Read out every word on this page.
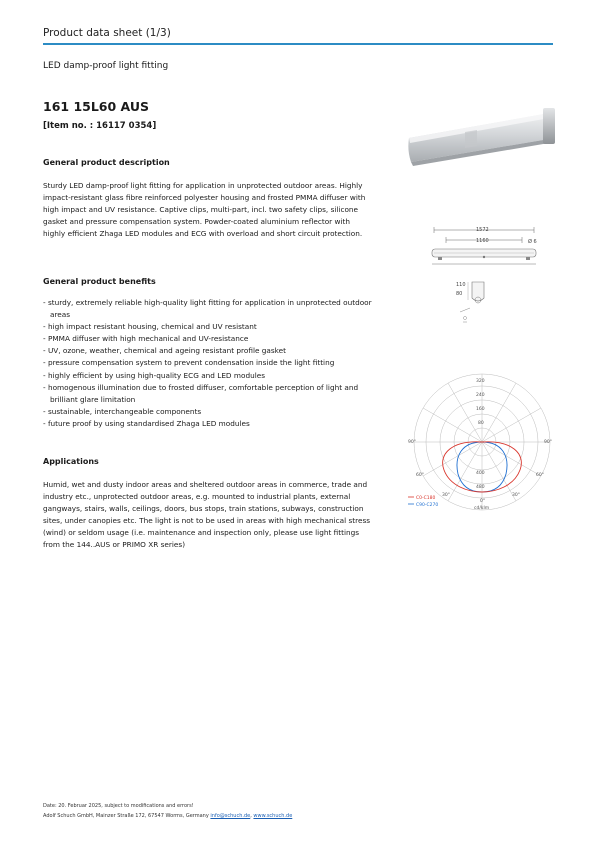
Product data sheet (1/3)
LED damp-proof light fitting
161 15L60 AUS
[Item no. : 16117 0354]
General product description
Sturdy LED damp-proof light fitting for application in unprotected outdoor areas. Highly impact-resistant glass fibre reinforced polyester housing and frosted PMMA diffuser with high impact and UV resistance. Captive clips, multi-part, incl. two safety clips, silicone gasket and pressure compensation system. Powder-coated aluminium reflector with highly efficient Zhaga LED modules and ECG with overload and short circuit protection.
General product benefits
- sturdy, extremely reliable high-quality light fitting for application in unprotected outdoor areas
- high impact resistant housing, chemical and UV resistant
- PMMA diffuser with high mechanical and UV-resistance
- UV, ozone, weather, chemical and ageing resistant profile gasket
- pressure compensation system to prevent condensation inside the light fitting
- highly efficient by using high-quality ECG and LED modules
- homogenous illumination due to frosted diffuser, comfortable perception of light and brilliant glare limitation
- sustainable, interchangeable components
- future proof by using standardised Zhaga LED modules
Applications
Humid, wet and dusty indoor areas and sheltered outdoor areas in commerce, trade and industry etc., unprotected outdoor areas, e.g. mounted to industrial plants, external gangways, stairs, walls, ceilings, doors, bus stops, train stations, subways, construction sites, under canopies etc. The light is not to be used in areas with high mechanical stress (wind) or seldom usage (i.e. maintenance and inspection only, please use light fittings from the 144..AUS or PRIMO XR series)
1572
1160	Ø 6
110
80
320
240
160
80
400
480
90°
60°
30°
90°
60°
30°
0°
C0-C180
C90-C270
cd/klm
Date: 20. Februar 2025, subject to modifications and errors!
Adolf Schuch GmbH, Mainzer Straße 172, 67547 Worms, Germany info@schuch.de, www.schuch.de
